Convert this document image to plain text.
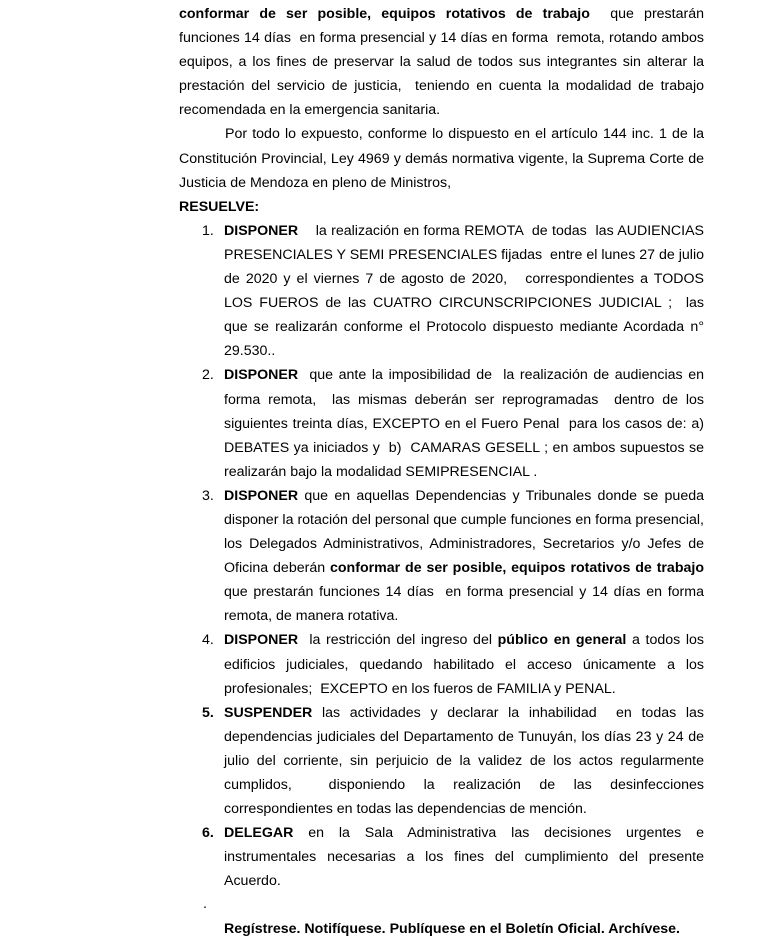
conformar de ser posible, equipos rotativos de trabajo  que prestarán funciones 14 días  en forma presencial y 14 días en forma  remota, rotando ambos equipos, a los fines de preservar la salud de todos sus integrantes sin alterar la prestación del servicio de justicia,  teniendo en cuenta la modalidad de trabajo recomendada en la emergencia sanitaria.

Por todo lo expuesto, conforme lo dispuesto en el artículo 144 inc. 1 de la Constitución Provincial, Ley 4969 y demás normativa vigente, la Suprema Corte de Justicia de Mendoza en pleno de Ministros,

RESUELVE:

1. DISPONER    la realización en forma REMOTA  de todas  las AUDIENCIAS PRESENCIALES Y SEMI PRESENCIALES fijadas  entre el lunes 27 de julio de 2020 y el viernes 7 de agosto de 2020,   correspondientes a TODOS LOS FUEROS de las CUATRO CIRCUNSCRIPCIONES JUDICIAL ;  las que se realizarán conforme el Protocolo dispuesto mediante Acordada n° 29.530..
2. DISPONER  que ante la imposibilidad de  la realización de audiencias en forma remota,  las mismas deberán ser reprogramadas  dentro de los siguientes treinta días, EXCEPTO en el Fuero Penal  para los casos de: a) DEBATES ya iniciados y  b)  CAMARAS GESELL ; en ambos supuestos se realizarán bajo la modalidad SEMIPRESENCIAL .
3. DISPONER que en aquellas Dependencias y Tribunales donde se pueda disponer la rotación del personal que cumple funciones en forma presencial, los Delegados Administrativos, Administradores, Secretarios y/o Jefes de Oficina deberán conformar de ser posible, equipos rotativos de trabajo que prestarán funciones 14 días  en forma presencial y 14 días en forma remota, de manera rotativa.
4. DISPONER  la restricción del ingreso del público en general a todos los edificios judiciales, quedando habilitado el acceso únicamente a los profesionales;  EXCEPTO en los fueros de FAMILIA y PENAL.
5. SUSPENDER las actividades y declarar la inhabilidad  en todas las dependencias judiciales del Departamento de Tunuyán, los días 23 y 24 de julio del corriente, sin perjuicio de la validez de los actos regularmente cumplidos,  disponiendo la realización de las desinfecciones correspondientes en todas las dependencias de mención.
6. DELEGAR en la Sala Administrativa las decisiones urgentes e instrumentales necesarias a los fines del cumplimiento del presente Acuerdo.
Regístrese. Notifíquese. Publíquese en el Boletín Oficial. Archívese.
.
